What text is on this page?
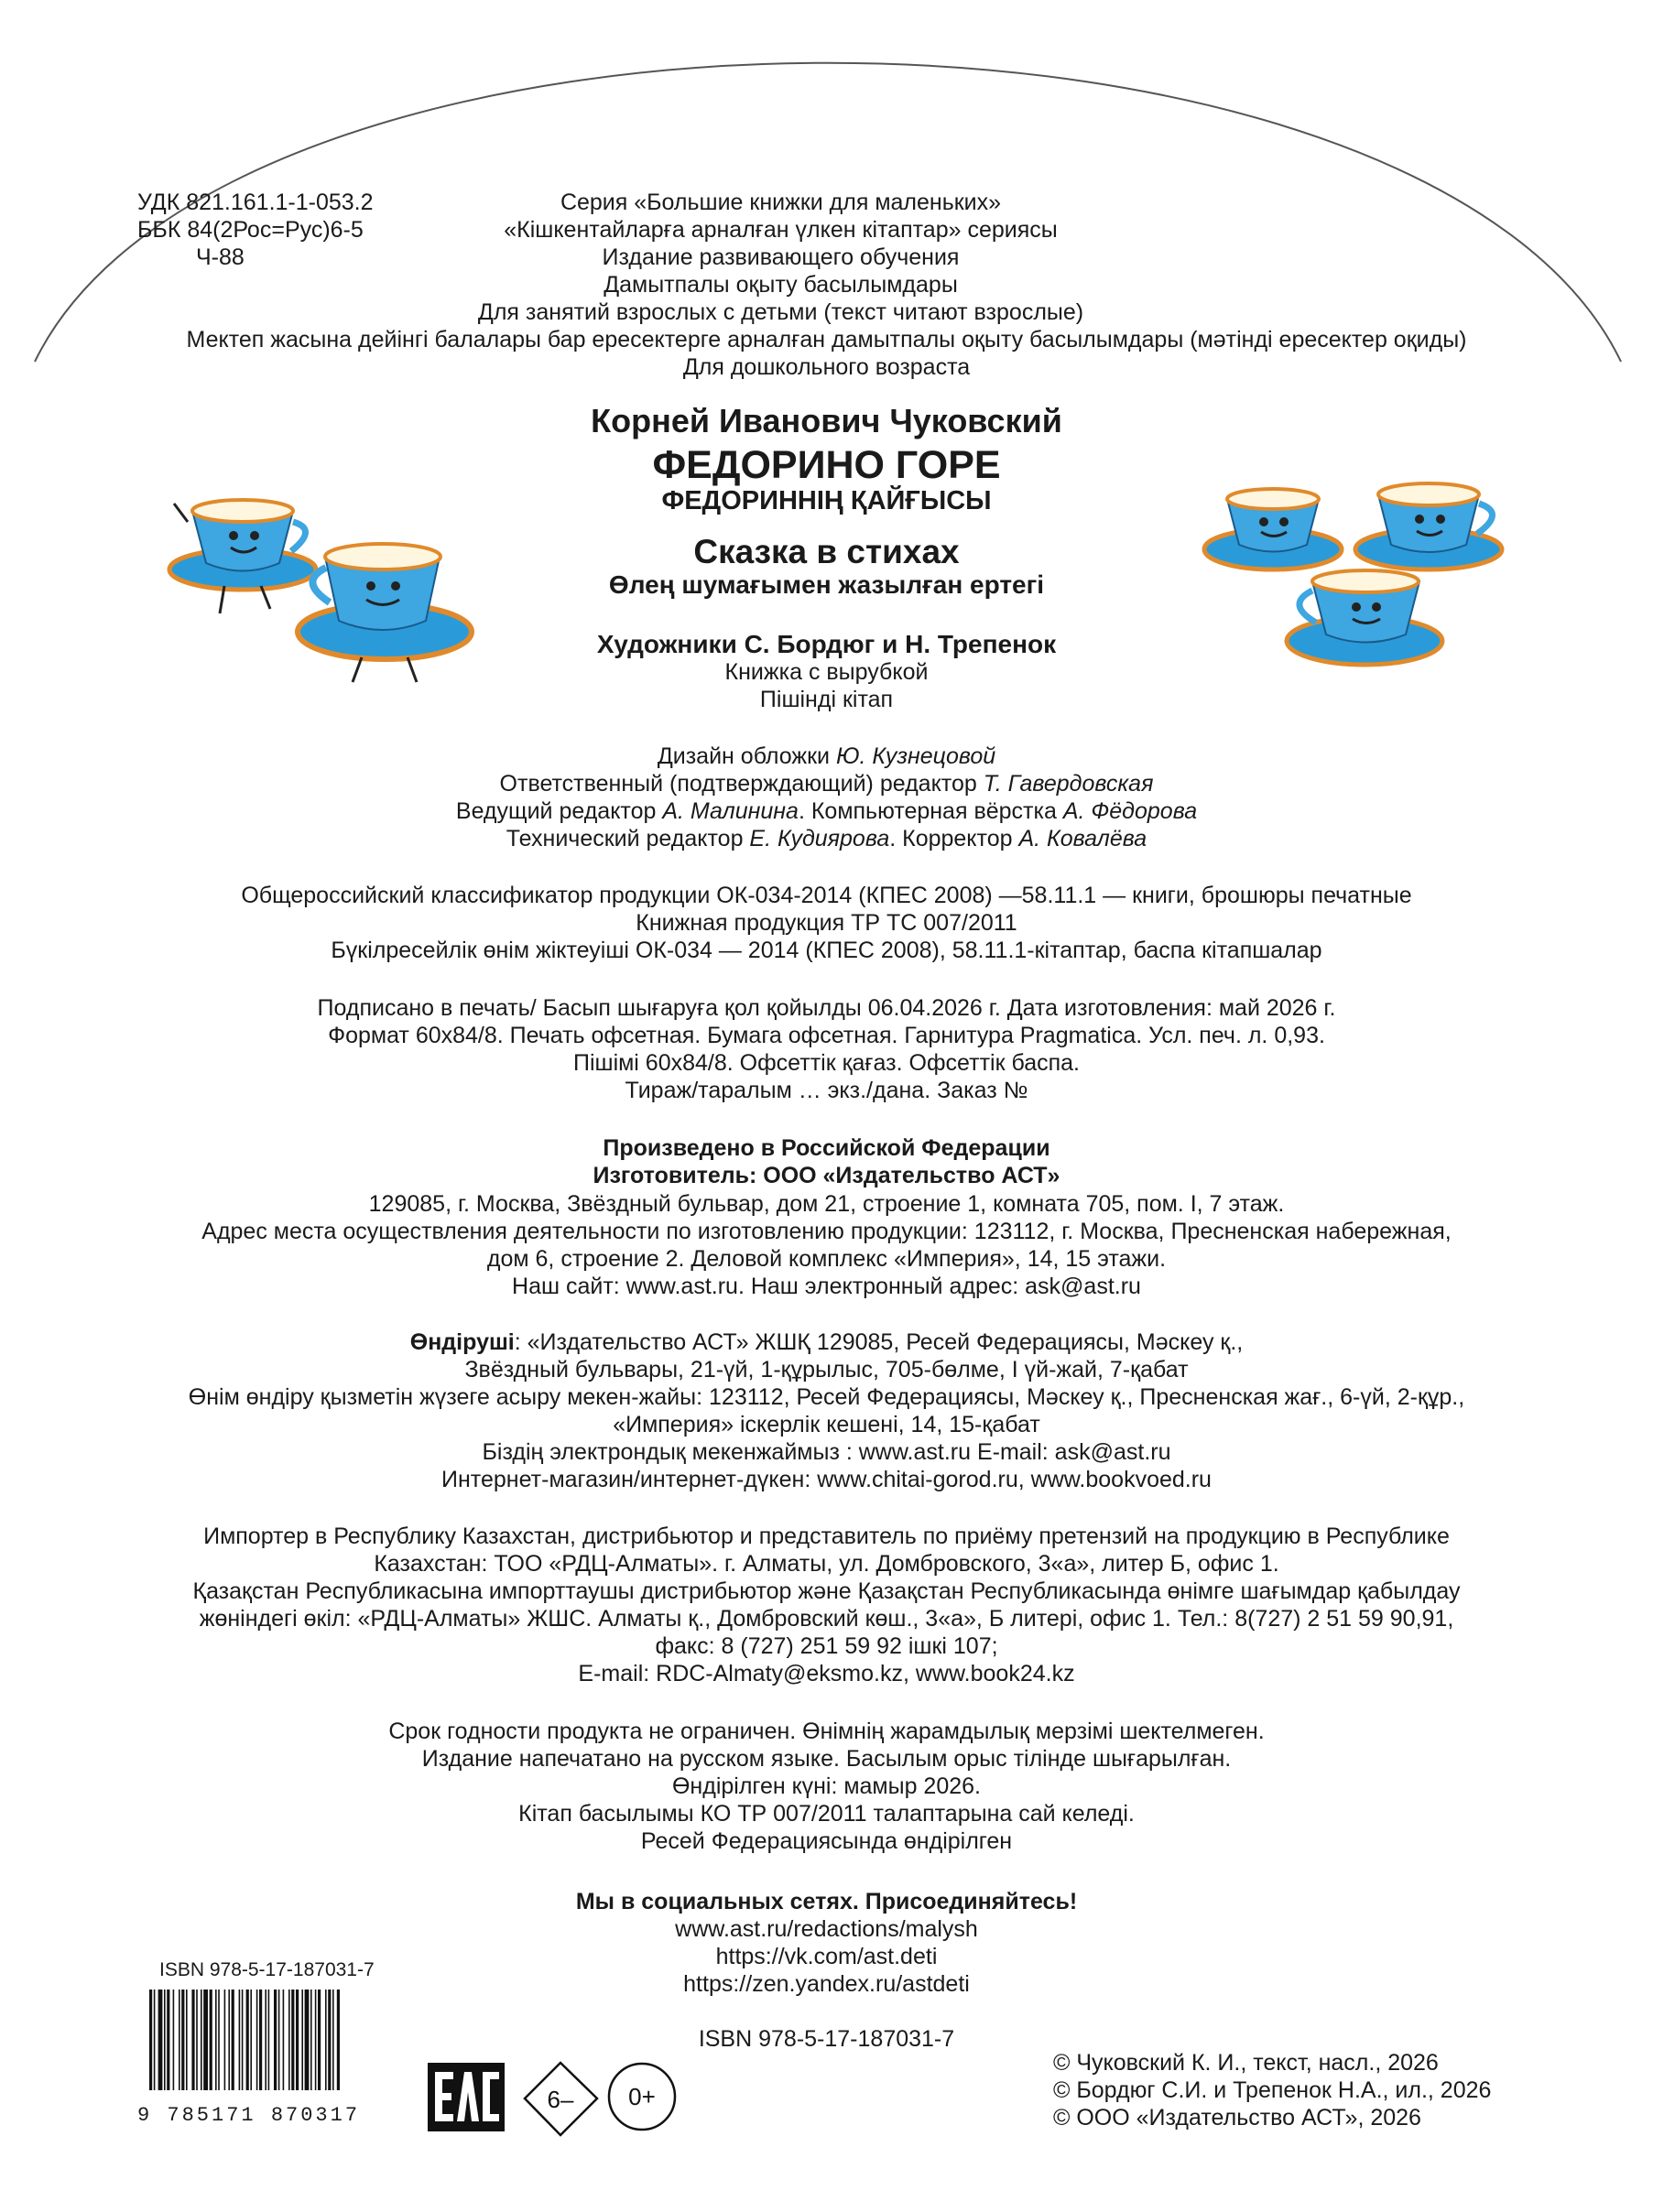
УДК 821.161.1-1-053.2
ББК 84(2Рос=Рус)6-5
Ч-88
Серия «Большие книжки для маленьких»
«Кішкентайларға арналған үлкен кітаптар» сериясы
Издание развивающего обучения
Дамытпалы оқыту басылымдары
Для занятий взрослых с детьми (текст читают взрослые)
Мектеп жасына дейінгі балалары бар ересектерге арналған дамытпалы оқыту басылымдары (мәтінді ересектер оқиды)
Для дошкольного возраста
Корней Иванович Чуковский
ФЕДОРИНО ГОРЕ
ФЕДОРИННІҢ ҚАЙҒЫСЫ
Сказка в стихах
Өлең шумағымен жазылған ертегі
Художники С. Бордюг и Н. Трепенок
Книжка с вырубкой
Пішінді кітап
Дизайн обложки Ю. Кузнецовой
Ответственный (подтверждающий) редактор Т. Гавердовская
Ведущий редактор А. Малинина. Компьютерная вёрстка А. Фёдорова
Технический редактор Е. Кудиярова. Корректор А. Ковалёва
Общероссийский классификатор продукции ОК-034-2014 (КПЕС 2008) —58.11.1 — книги, брошюры печатные
Книжная продукция ТР ТС 007/2011
Бүкілресейлік өнім жіктеуіші ОК-034 — 2014 (КПЕС 2008), 58.11.1-кітаптар, баспа кітапшалар
Подписано в печать/ Басып шығаруға қол қойылды 06.04.2026 г. Дата изготовления: май 2026 г.
Формат 60х84/8. Печать офсетная. Бумага офсетная. Гарнитура Pragmatica. Усл. печ. л. 0,93.
Пішімі 60х84/8. Офсеттік қағаз. Офсеттік баспа.
Тираж/таралым … экз./дана. Заказ №
Произведено в Российской Федерации
Изготовитель: ООО «Издательство АСТ»
129085, г. Москва, Звёздный бульвар, дом 21, строение 1, комната 705, пом. I, 7 этаж.
Адрес места осуществления деятельности по изготовлению продукции: 123112, г. Москва, Пресненская набережная,
дом 6, строение 2. Деловой комплекс «Империя», 14, 15 этажи.
Наш сайт: www.ast.ru. Наш электронный адрес: ask@ast.ru
Өндіруші: «Издательство АСТ» ЖШҚ 129085, Ресей Федерациясы, Мәскеу қ.,
Звёздный бульвары, 21-үй, 1-құрылыс, 705-бөлме, I үй-жай, 7-қабат
Өнім өндіру қызметін жүзеге асыру мекен-жайы: 123112, Ресей Федерациясы, Мәскеу қ., Пресненская жағ., 6-үй, 2-құр.,
«Империя» іскерлік кешені, 14, 15-қабат
Біздің электрондық мекенжаймыз : www.ast.ru E-mail: ask@ast.ru
Интернет-магазин/интернет-дүкен: www.chitai-gorod.ru, www.bookvoed.ru
Импортер в Республику Казахстан, дистрибьютор и представитель по приёму претензий на продукцию в Республике
Казахстан: ТОО «РДЦ-Алматы». г. Алматы, ул. Домбровского, 3«а», литер Б, офис 1.
Қазақстан Республикасына импорттаушы дистрибьютор және Қазақстан Республикасында өнімге шағымдар қабылдау
жөніндегі өкіл: «РДЦ-Алматы» ЖШС. Алматы қ., Домбровский көш., 3«а», Б литері, офис 1. Тел.: 8(727) 2 51 59 90,91,
факс: 8 (727) 251 59 92 ішкі 107;
E-mail: RDC-Almaty@eksmo.kz, www.book24.kz
Срок годности продукта не ограничен. Өнімнің жарамдылық мерзімі шектелмеген.
Издание напечатано на русском языке. Басылым орыс тілінде шығарылған.
Өндірілген күні: мамыр 2026.
Кітап басылымы КО ТР 007/2011 талаптарына сай келеді.
Ресей Федерациясында өндірілген
Мы в социальных сетях. Присоединяйтесь!
www.ast.ru/redactions/malysh
https://vk.com/ast.deti
https://zen.yandex.ru/astdeti
ISBN 978-5-17-187031-7
ISBN 978-5-17-187031-7
9 785171 870317
6– 0+
© Чуковский К. И., текст, насл., 2026
© Бордюг С.И. и Трепенок Н.А., ил., 2026
© ООО «Издательство АСТ», 2026
